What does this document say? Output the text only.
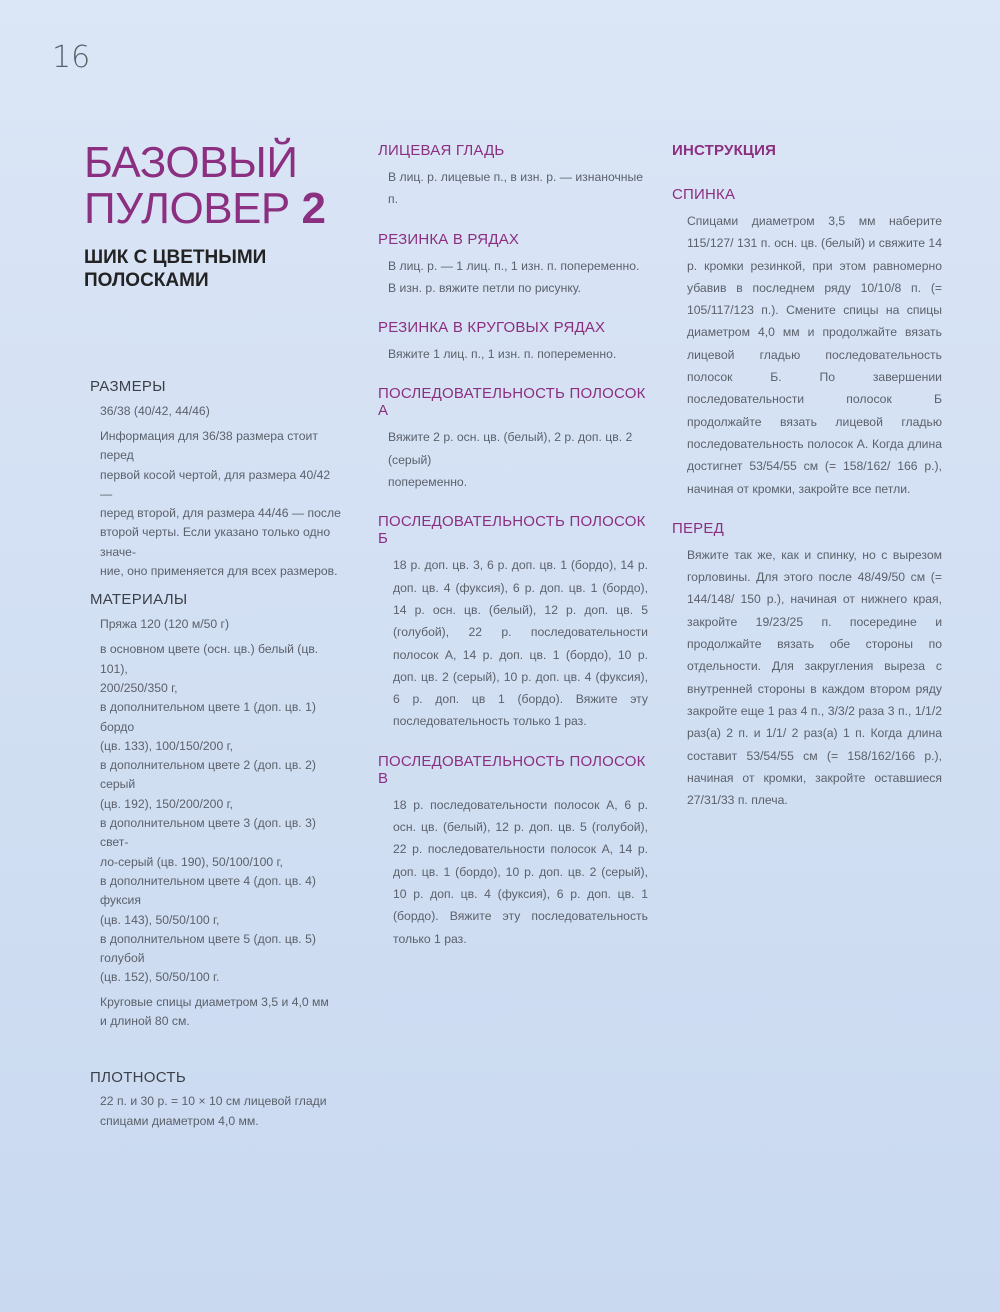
16
БАЗОВЫЙ
ПУЛОВЕР 2
ШИК С ЦВЕТНЫМИ
ПОЛОСКАМИ
РАЗМЕРЫ
36/38 (40/42, 44/46)
Информация для 36/38 размера стоит перед
первой косой чертой, для размера 40/42 —
перед второй, для размера 44/46 — после
второй черты. Если указано только одно значе-
ние, оно применяется для всех размеров.
МАТЕРИАЛЫ
Пряжа 120 (120 м/50 г)
в основном цвете (осн. цв.) белый (цв. 101),
200/250/350 г,
в дополнительном цвете 1 (доп. цв. 1) бордо
(цв. 133), 100/150/200 г,
в дополнительном цвете 2 (доп. цв. 2) серый
(цв. 192), 150/200/200 г,
в дополнительном цвете 3 (доп. цв. 3) свет-
ло-серый (цв. 190), 50/100/100 г,
в дополнительном цвете 4 (доп. цв. 4) фуксия
(цв. 143), 50/50/100 г,
в дополнительном цвете 5 (доп. цв. 5) голубой
(цв. 152), 50/50/100 г.
Круговые спицы диаметром 3,5 и 4,0 мм
и длиной 80 см.
ПЛОТНОСТЬ
22 п. и 30 р. = 10 × 10 см лицевой глади
спицами диаметром 4,0 мм.
ЛИЦЕВАЯ ГЛАДЬ
В лиц. р. лицевые п., в изн. р. — изнаночные п.
РЕЗИНКА В РЯДАХ
В лиц. р. — 1 лиц. п., 1 изн. п. попеременно.
В изн. р. вяжите петли по рисунку.
РЕЗИНКА В КРУГОВЫХ РЯДАХ
Вяжите 1 лиц. п., 1 изн. п. попеременно.
ПОСЛЕДОВАТЕЛЬНОСТЬ ПОЛОСОК А
Вяжите 2 р. осн. цв. (белый), 2 р. доп. цв. 2 (серый)
попеременно.
ПОСЛЕДОВАТЕЛЬНОСТЬ ПОЛОСОК Б
18 р. доп. цв. 3, 6 р. доп. цв. 1 (бордо), 14 р. доп. цв. 4 (фуксия), 6 р. доп. цв. 1 (бордо), 14 р. осн. цв. (белый), 12 р. доп. цв. 5 (голубой), 22 р. последовательности полосок А, 14 р. доп. цв. 1 (бордо), 10 р. доп. цв. 2 (серый), 10 р. доп. цв. 4 (фуксия), 6 р. доп. цв 1 (бордо). Вяжите эту последовательность только 1 раз.
ПОСЛЕДОВАТЕЛЬНОСТЬ ПОЛОСОК В
18 р. последовательности полосок А, 6 р. осн. цв. (белый), 12 р. доп. цв. 5 (голубой), 22 р. последовательности полосок А, 14 р. доп. цв. 1 (бордо), 10 р. доп. цв. 2 (серый), 10 р. доп. цв. 4 (фуксия), 6 р. доп. цв. 1 (бордо). Вяжите эту последовательность только 1 раз.
ИНСТРУКЦИЯ
СПИНКА
Спицами диаметром 3,5 мм наберите 115/127/ 131 п. осн. цв. (белый) и свяжите 14 р. кромки резинкой, при этом равномерно убавив в последнем ряду 10/10/8 п. (= 105/117/123 п.). Смените спицы на спицы диаметром 4,0 мм и продолжайте вязать лицевой гладью последовательность полосок Б. По завершении последовательности полосок Б продолжайте вязать лицевой гладью последовательность полосок А. Когда длина достигнет 53/54/55 см (= 158/162/ 166 р.), начиная от кромки, закройте все петли.
ПЕРЕД
Вяжите так же, как и спинку, но с вырезом горловины. Для этого после 48/49/50 см (= 144/148/ 150 р.), начиная от нижнего края, закройте 19/23/25 п. посередине и продолжайте вязать обе стороны по отдельности. Для закругления выреза с внутренней стороны в каждом втором ряду закройте еще 1 раз 4 п., 3/3/2 раза 3 п., 1/1/2 раз(а) 2 п. и 1/1/ 2 раз(а) 1 п. Когда длина составит 53/54/55 см (= 158/162/166 р.), начиная от кромки, закройте оставшиеся 27/31/33 п. плеча.
